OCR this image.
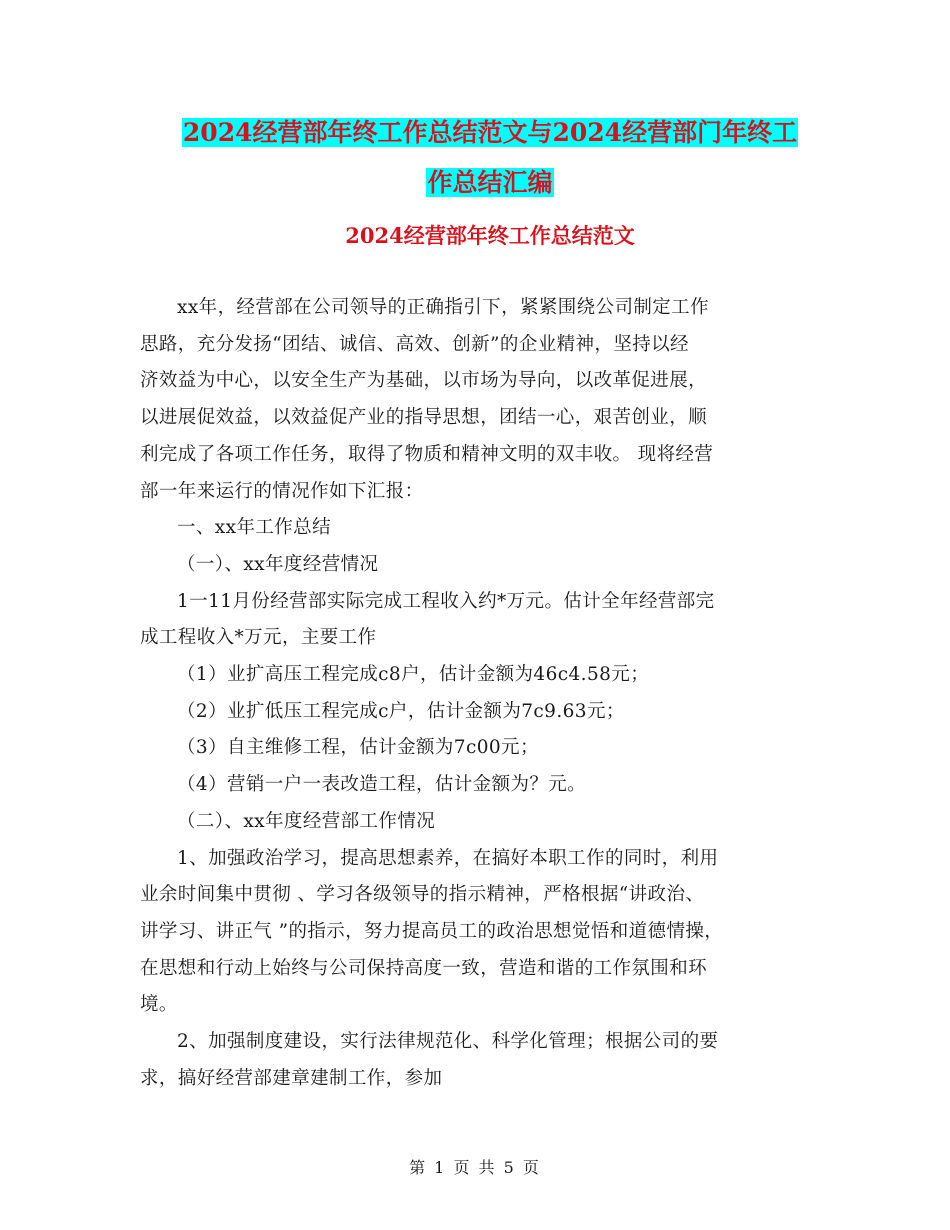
2024经营部年终工作总结范文与2024经营部门年终工
作总结汇编
2024经营部年终工作总结范文

xx年，经营部在公司领导的正确指引下，紧紧围绕公司制定工作

思路，充分发扬“团结、诚信、高效、创新”的企业精神，坚持以经

济效益为中心，以安全生产为基础，以市场为导向，以改革促进展，

以进展促效益，以效益促产业的指导思想，团结一心，艰苦创业，顺

利完成了各项工作任务，取得了物质和精神文明的双丰收。 现将经营

部一年来运行的情况作如下汇报：

一、xx年工作总结

（一）、xx年度经营情况

1一11月份经营部实际完成工程收入约*万元。估计全年经营部完

成工程收入*万元，主要工作

（1）业扩高压工程完成c8户，估计金额为46c4.58元；

（2）业扩低压工程完成c户，估计金额为7c9.63元；

（3）自主维修工程，估计金额为7c00元；

（4）营销一户一表改造工程，估计金额为？元。

（二）、xx年度经营部工作情况

1、加强政治学习，提高思想素养，在搞好本职工作的同时，利用

业余时间集中贯彻 、学习各级领导的指示精神，严格根据“讲政治、

讲学习、讲正气 ”的指示，努力提高员工的政治思想觉悟和道德情操，

在思想和行动上始终与公司保持高度一致，营造和谐的工作氛围和环

境。

2、加强制度建设，实行法律规范化、科学化管理；根据公司的要

求，搞好经营部建章建制工作，参加

第 1 页 共 5 页
